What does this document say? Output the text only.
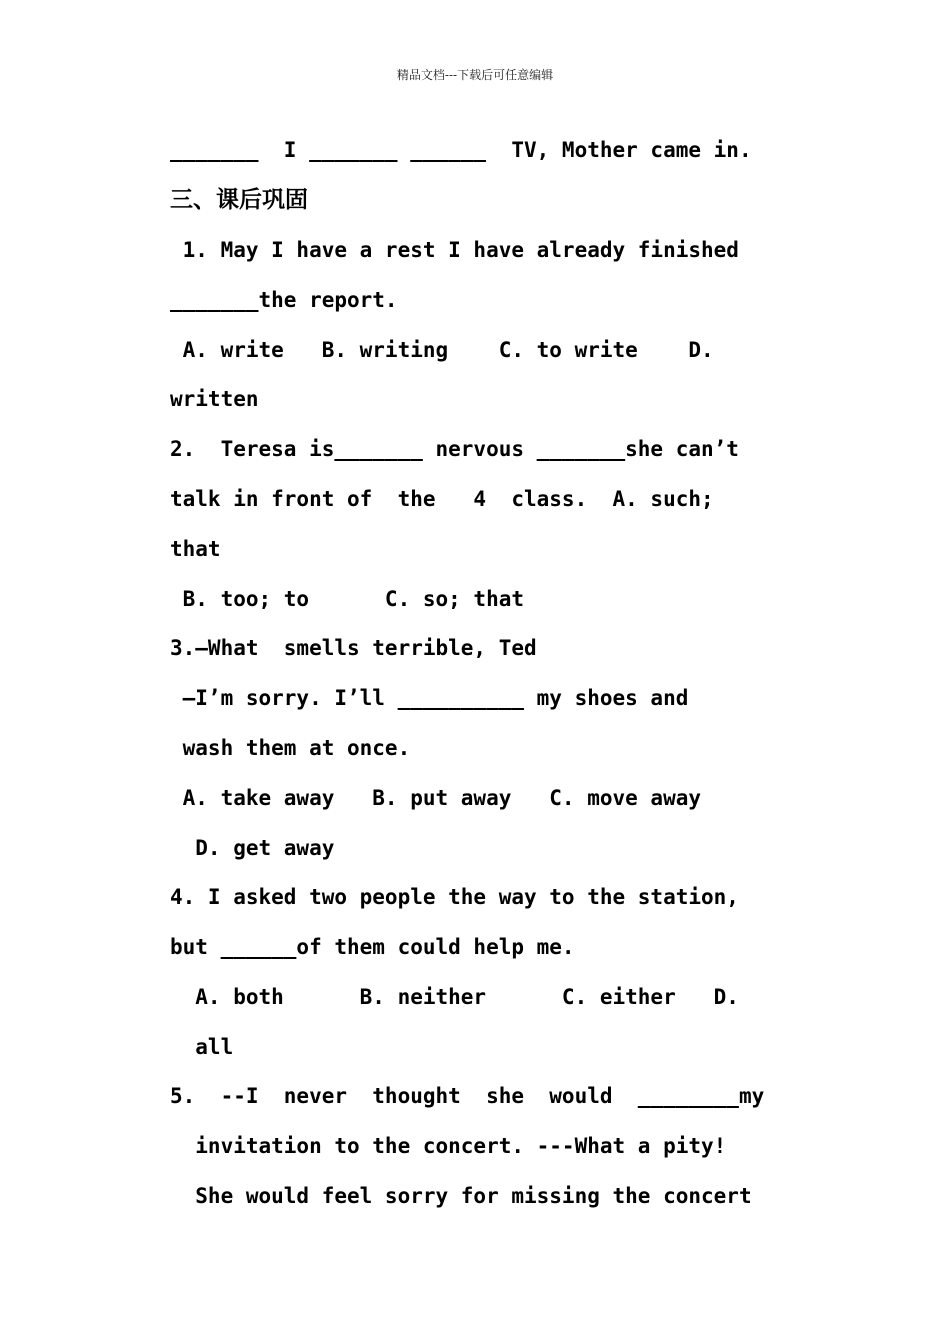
精品文档---下载后可任意编辑
_______  I _______ ______  TV, Mother came in.
三、课后巩固
1. May I have a rest I have already finished
_______the report.
A. write   B. writing    C. to write    D.
written
2.  Teresa is_______ nervous _______she can’t
talk in front of  the   4  class.  A. such;
that
B. too; to      C. so; that
3.–What  smells terrible, Ted
—I’m sorry. I’ll __________ my shoes and
wash them at once.
A. take away   B. put away   C. move away
D. get away
4. I asked two people the way to the station,
but ______of them could help me.
A. both      B. neither      C. either   D.
all
5.  --I  never  thought  she  would  ________my
invitation to the concert. ---What a pity!
She would feel sorry for missing the concert
